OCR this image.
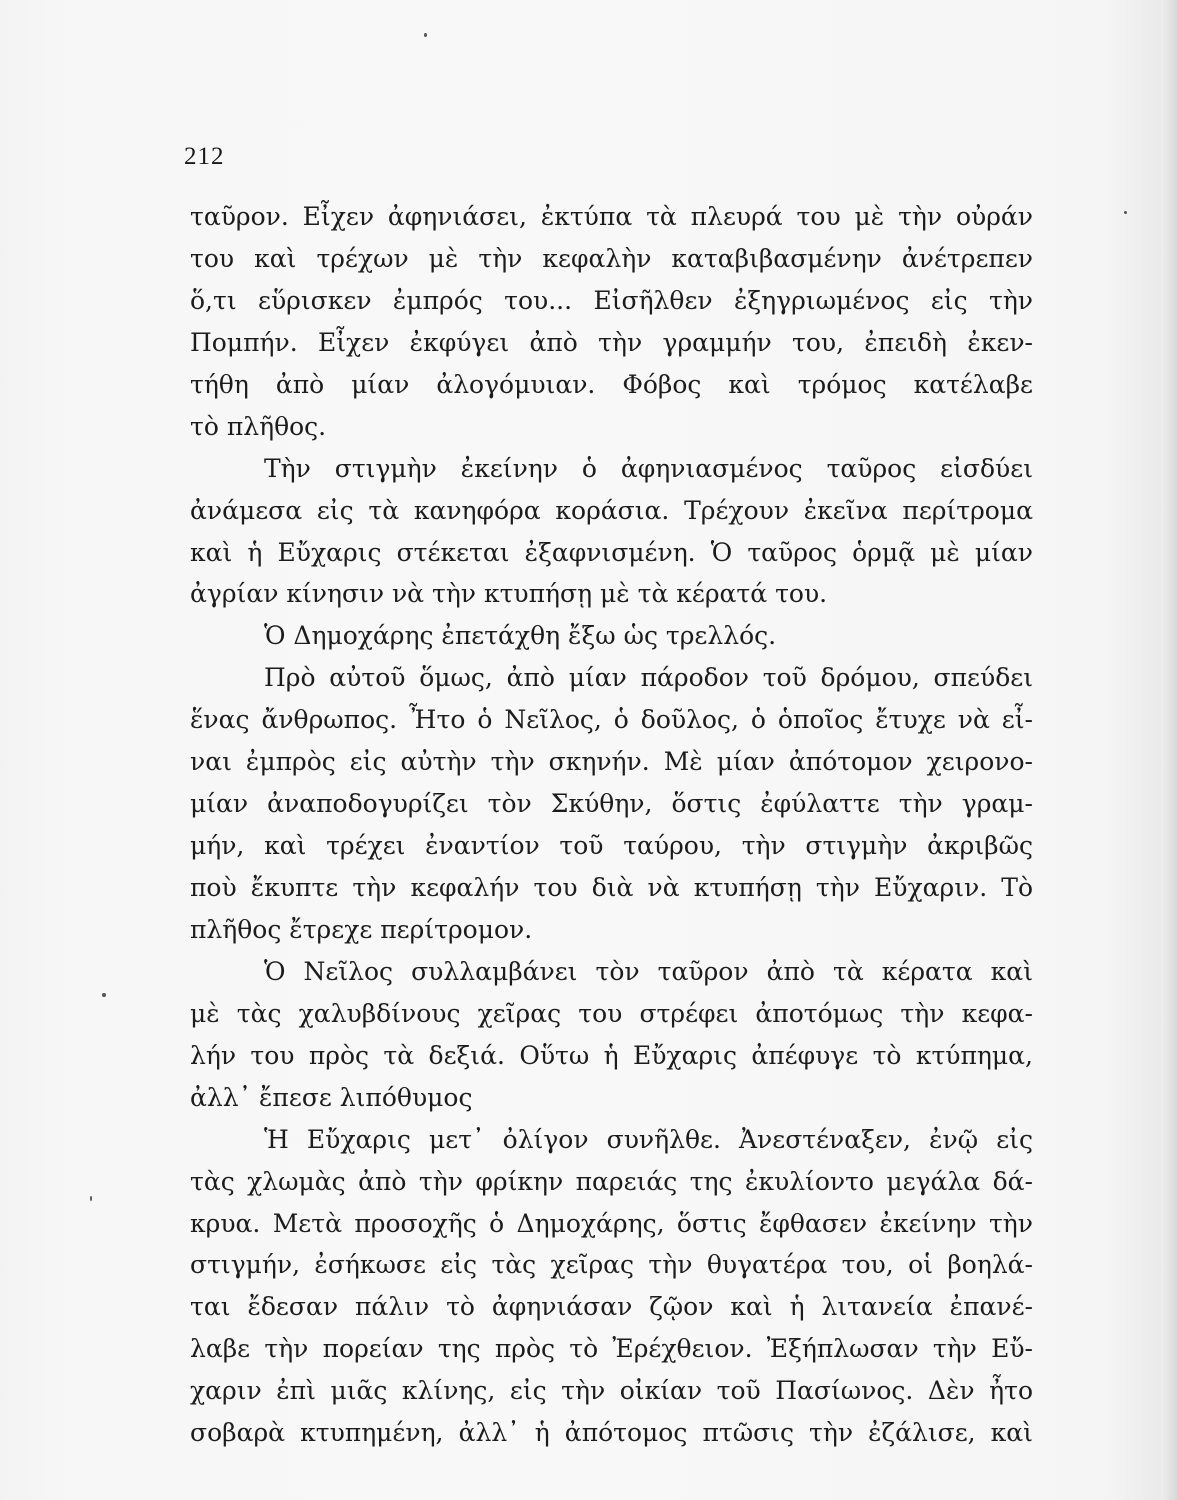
212
ταῦρον. Εἶχεν ἀφηνιάσει, ἐκτύπα τὰ πλευρά του μὲ τὴν οὐράν
του καὶ τρέχων μὲ τὴν κεφαλὴν καταβιβασμένην ἀνέτρεπεν
ὅ,τι εὕρισκεν ἐμπρός του... Εἰσῆλθεν ἐξηγριωμένος εἰς τὴν
Πομπήν. Εἶχεν ἐκφύγει ἀπὸ τὴν γραμμήν του, ἐπειδὴ ἐκεν-
τήθη ἀπὸ μίαν ἀλογόμυιαν. Φόβος καὶ τρόμος κατέλαβε
τὸ πλῆθος.
Τὴν στιγμὴν ἐκείνην ὁ ἀφηνιασμένος ταῦρος εἰσδύει
ἀνάμεσα εἰς τὰ κανηφόρα κοράσια. Τρέχουν ἐκεῖνα περίτρομα
καὶ ἡ Εὔχαρις στέκεται ἐξαφνισμένη. Ὁ ταῦρος ὁρμᾷ μὲ μίαν
ἀγρίαν κίνησιν νὰ τὴν κτυπήσῃ μὲ τὰ κέρατά του.
Ὁ Δημοχάρης ἐπετάχθη ἔξω ὡς τρελλός.
Πρὸ αὐτοῦ ὅμως, ἀπὸ μίαν πάροδον τοῦ δρόμου, σπεύδει
ἕνας ἄνθρωπος. Ἦτο ὁ Νεῖλος, ὁ δοῦλος, ὁ ὁποῖος ἔτυχε νὰ εἶ-
ναι ἐμπρὸς εἰς αὐτὴν τὴν σκηνήν. Μὲ μίαν ἀπότομον χειρονο-
μίαν ἀναποδογυρίζει τὸν Σκύθην, ὅστις ἐφύλαττε τὴν γραμ-
μήν, καὶ τρέχει ἐναντίον τοῦ ταύρου, τὴν στιγμὴν ἀκριβῶς
ποὺ ἔκυπτε τὴν κεφαλήν του διὰ νὰ κτυπήσῃ τὴν Εὔχαριν. Τὸ
πλῆθος ἔτρεχε περίτρομον.
Ὁ Νεῖλος συλλαμβάνει τὸν ταῦρον ἀπὸ τὰ κέρατα καὶ
μὲ τὰς χαλυβδίνους χεῖρας του στρέφει ἀποτόμως τὴν κεφα-
λήν του πρὸς τὰ δεξιά. Οὕτω ἡ Εὔχαρις ἀπέφυγε τὸ κτύπημα,
ἀλλ᾽ ἔπεσε λιπόθυμος
Ἡ Εὔχαρις μετ᾽ ὀλίγον συνῆλθε. Ἀνεστέναξεν, ἐνῷ εἰς
τὰς χλωμὰς ἀπὸ τὴν φρίκην παρειάς της ἐκυλίοντο μεγάλα δά-
κρυα. Μετὰ προσοχῆς ὁ Δημοχάρης, ὅστις ἔφθασεν ἐκείνην τὴν
στιγμήν, ἐσήκωσε εἰς τὰς χεῖρας τὴν θυγατέρα του, οἱ βοηλά-
ται ἔδεσαν πάλιν τὸ ἀφηνιάσαν ζῷον καὶ ἡ λιτανεία ἐπανέ-
λαβε τὴν πορείαν της πρὸς τὸ Ἐρέχθειον. Ἐξήπλωσαν τὴν Εὔ-
χαριν ἐπὶ μιᾶς κλίνης, εἰς τὴν οἰκίαν τοῦ Πασίωνος. Δὲν ἦτο
σοβαρὰ κτυπημένη, ἀλλ᾽ ἡ ἀπότομος πτῶσις τὴν ἐζάλισε, καὶ
